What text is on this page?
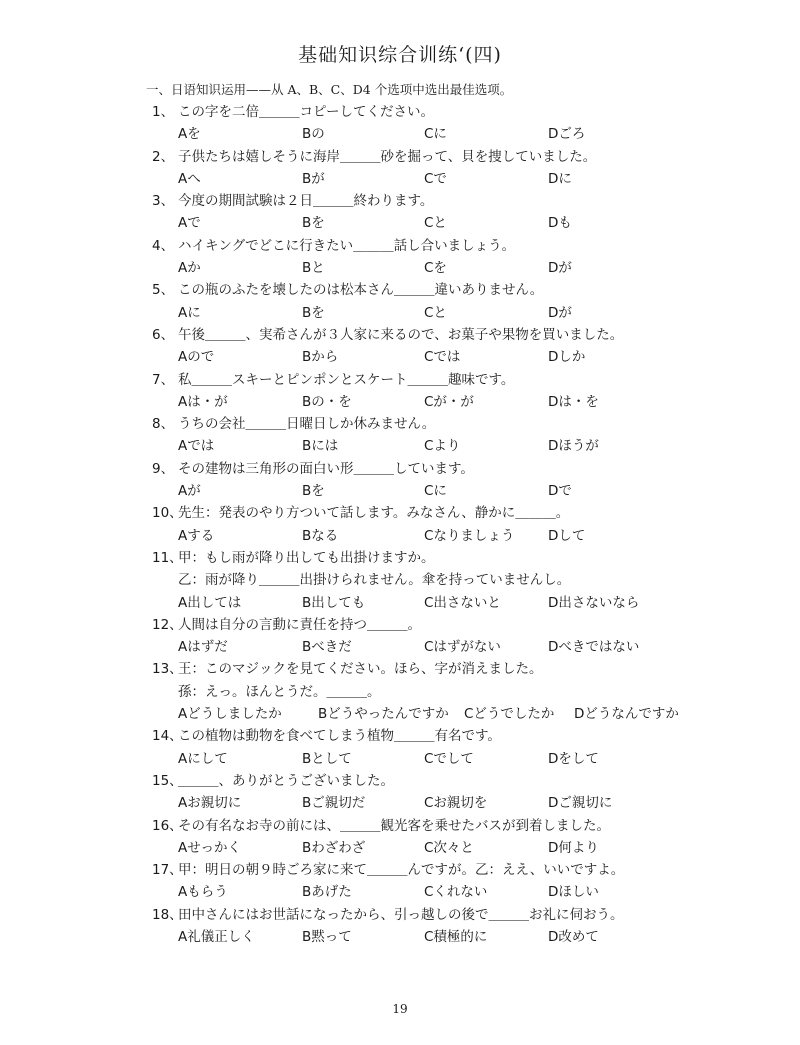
基础知识综合训练‘(四)
一、日语知识运用——从 A、B、C、D4 个选项中选出最佳选项。
1、 この字を二倍＿＿＿コピーしてください。
Aを	Bの	Cに	Dごろ
2、 子供たちは嬉しそうに海岸＿＿＿砂を掘って、貝を捜していました。
Aへ	Bが	Cで	Dに
3、 今度の期間試験は２日＿＿＿終わります。
Aで	Bを	Cと	Dも
4、 ハイキングでどこに行きたい＿＿＿話し合いましょう。
Aか	Bと	Cを	Dが
5、 この瓶のふたを壊したのは松本さん＿＿＿違いありません。
Aに	Bを	Cと	Dが
6、 午後＿＿＿、実希さんが３人家に来るので、お菓子や果物を買いました。
Aので	Bから	Cでは	Dしか
7、 私＿＿＿スキーとピンポンとスケート＿＿＿趣味です。
Aは・が	Bの・を	Cが・が	Dは・を
8、 うちの会社＿＿＿日曜日しか休みません。
Aでは	Bには	Cより	Dほうが
9、 その建物は三角形の面白い形＿＿＿しています。
Aが	Bを	Cに	Dで
10、先生：発表のやり方ついて話します。みなさん、静かに＿＿＿。
Aする	Bなる	Cなりましょう Dして
11、甲：もし雨が降り出しても出掛けますか。
乙：雨が降り＿＿＿出掛けられません。傘を持っていませんし。
A出しては	B出しても	C出さないと	D出さないなら
12、人間は自分の言動に責任を持つ＿＿＿。
Aはずだ	Bべきだ	Cはずがない	Dべきではない
13、王：このマジックを見てください。ほら、字が消えました。
孫：えっ。ほんとうだ。＿＿＿。
Aどうしましたか	Bどうやったんですか Cどうでしたか Dどうなんですか
14、この植物は動物を食べてしまう植物＿＿＿有名です。
Aにして	Bとして	Cでして	Dをして
15、＿＿＿、ありがとうございました。
Aお親切に	Bご親切だ	Cお親切を	Dご親切に
16、その有名なお寺の前には、＿＿＿観光客を乗せたバスが到着しました。
Aせっかく	Bわざわざ	C次々と	D何より
17、甲：明日の朝９時ごろ家に来て＿＿＿んですが。乙：ええ、いいですよ。
Aもらう	Bあげた	Cくれない	Dほしい
18、田中さんにはお世話になったから、引っ越しの後で＿＿＿お礼に伺おう。
A礼儀正しく	B黙って	C積極的に	D改めて
19
